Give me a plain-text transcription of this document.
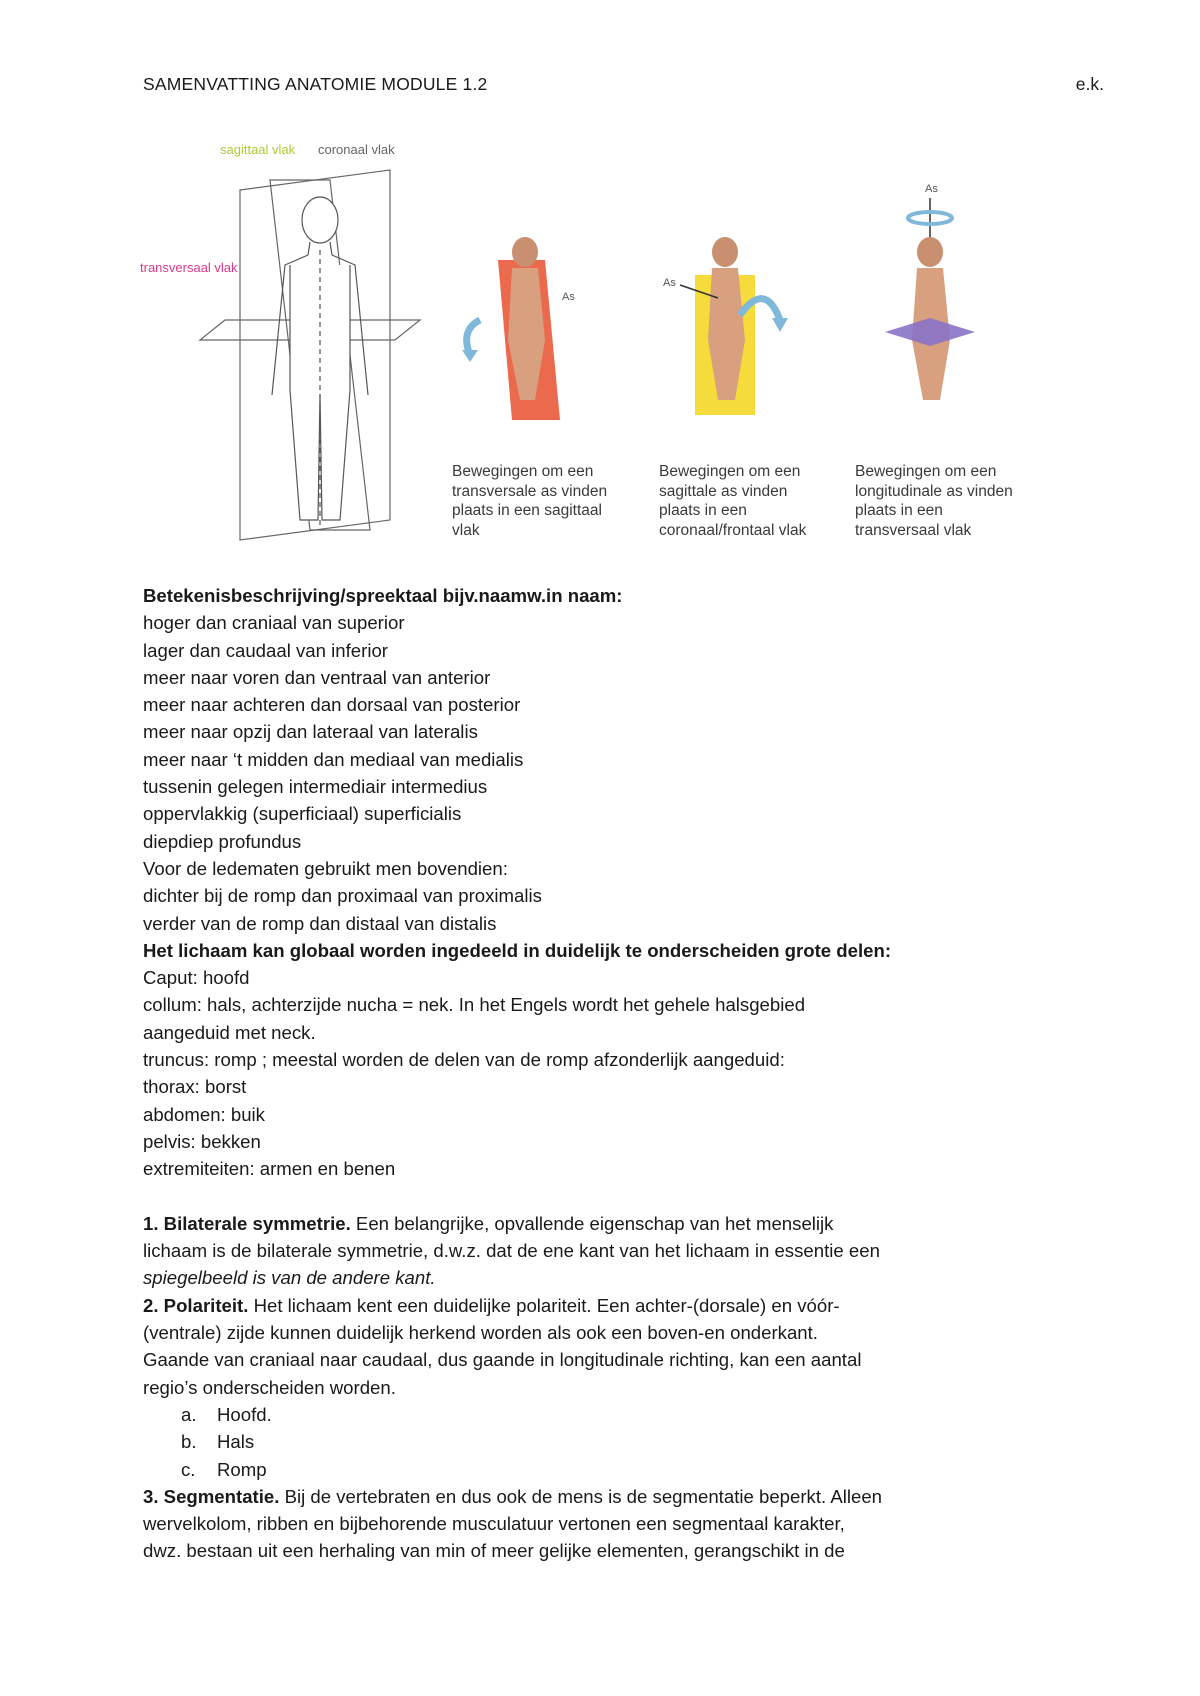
SAMENVATTING ANATOMIE MODULE 1.2	e.k.
sagittaal vlak coronaal vlak
transversaal vlak
As
As
As
Bewegingen om een
transversale as vinden
plaats in een sagittaal
vlak
Bewegingen om een
sagittale as vinden
plaats in een
coronaal/frontaal vlak
Bewegingen om een
longitudinale as vinden
plaats in een
transversaal vlak
Betekenisbeschrijving/spreektaal bijv.naamw.in naam:
hoger dan craniaal van superior
lager dan caudaal van inferior
meer naar voren dan ventraal van anterior
meer naar achteren dan dorsaal van posterior
meer naar opzij dan lateraal van lateralis
meer naar ‘t midden dan mediaal van medialis
tussenin gelegen intermediair intermedius
oppervlakkig (superficiaal) superficialis
diepdiep profundus
Voor de ledematen gebruikt men bovendien:
dichter bij de romp dan proximaal van proximalis
verder van de romp dan distaal van distalis
Het lichaam kan globaal worden ingedeeld in duidelijk te onderscheiden grote delen:
Caput: hoofd
collum: hals, achterzijde nucha = nek. In het Engels wordt het gehele halsgebied
aangeduid met neck.
truncus: romp ; meestal worden de delen van de romp afzonderlijk aangeduid:
thorax: borst
abdomen: buik
pelvis: bekken
extremiteiten: armen en benen
1. Bilaterale symmetrie. Een belangrijke, opvallende eigenschap van het menselijk
lichaam is de bilaterale symmetrie, d.w.z. dat de ene kant van het lichaam in essentie een
spiegelbeeld is van de andere kant.
2. Polariteit. Het lichaam kent een duidelijke polariteit. Een achter-(dorsale) en vóór-
(ventrale) zijde kunnen duidelijk herkend worden als ook een boven-en onderkant.
Gaande van craniaal naar caudaal, dus gaande in longitudinale richting, kan een aantal
regio’s onderscheiden worden.
a. Hoofd.
b. Hals
c. Romp
3. Segmentatie. Bij de vertebraten en dus ook de mens is de segmentatie beperkt. Alleen
wervelkolom, ribben en bijbehorende musculatuur vertonen een segmentaal karakter,
dwz. bestaan uit een herhaling van min of meer gelijke elementen, gerangschikt in de
